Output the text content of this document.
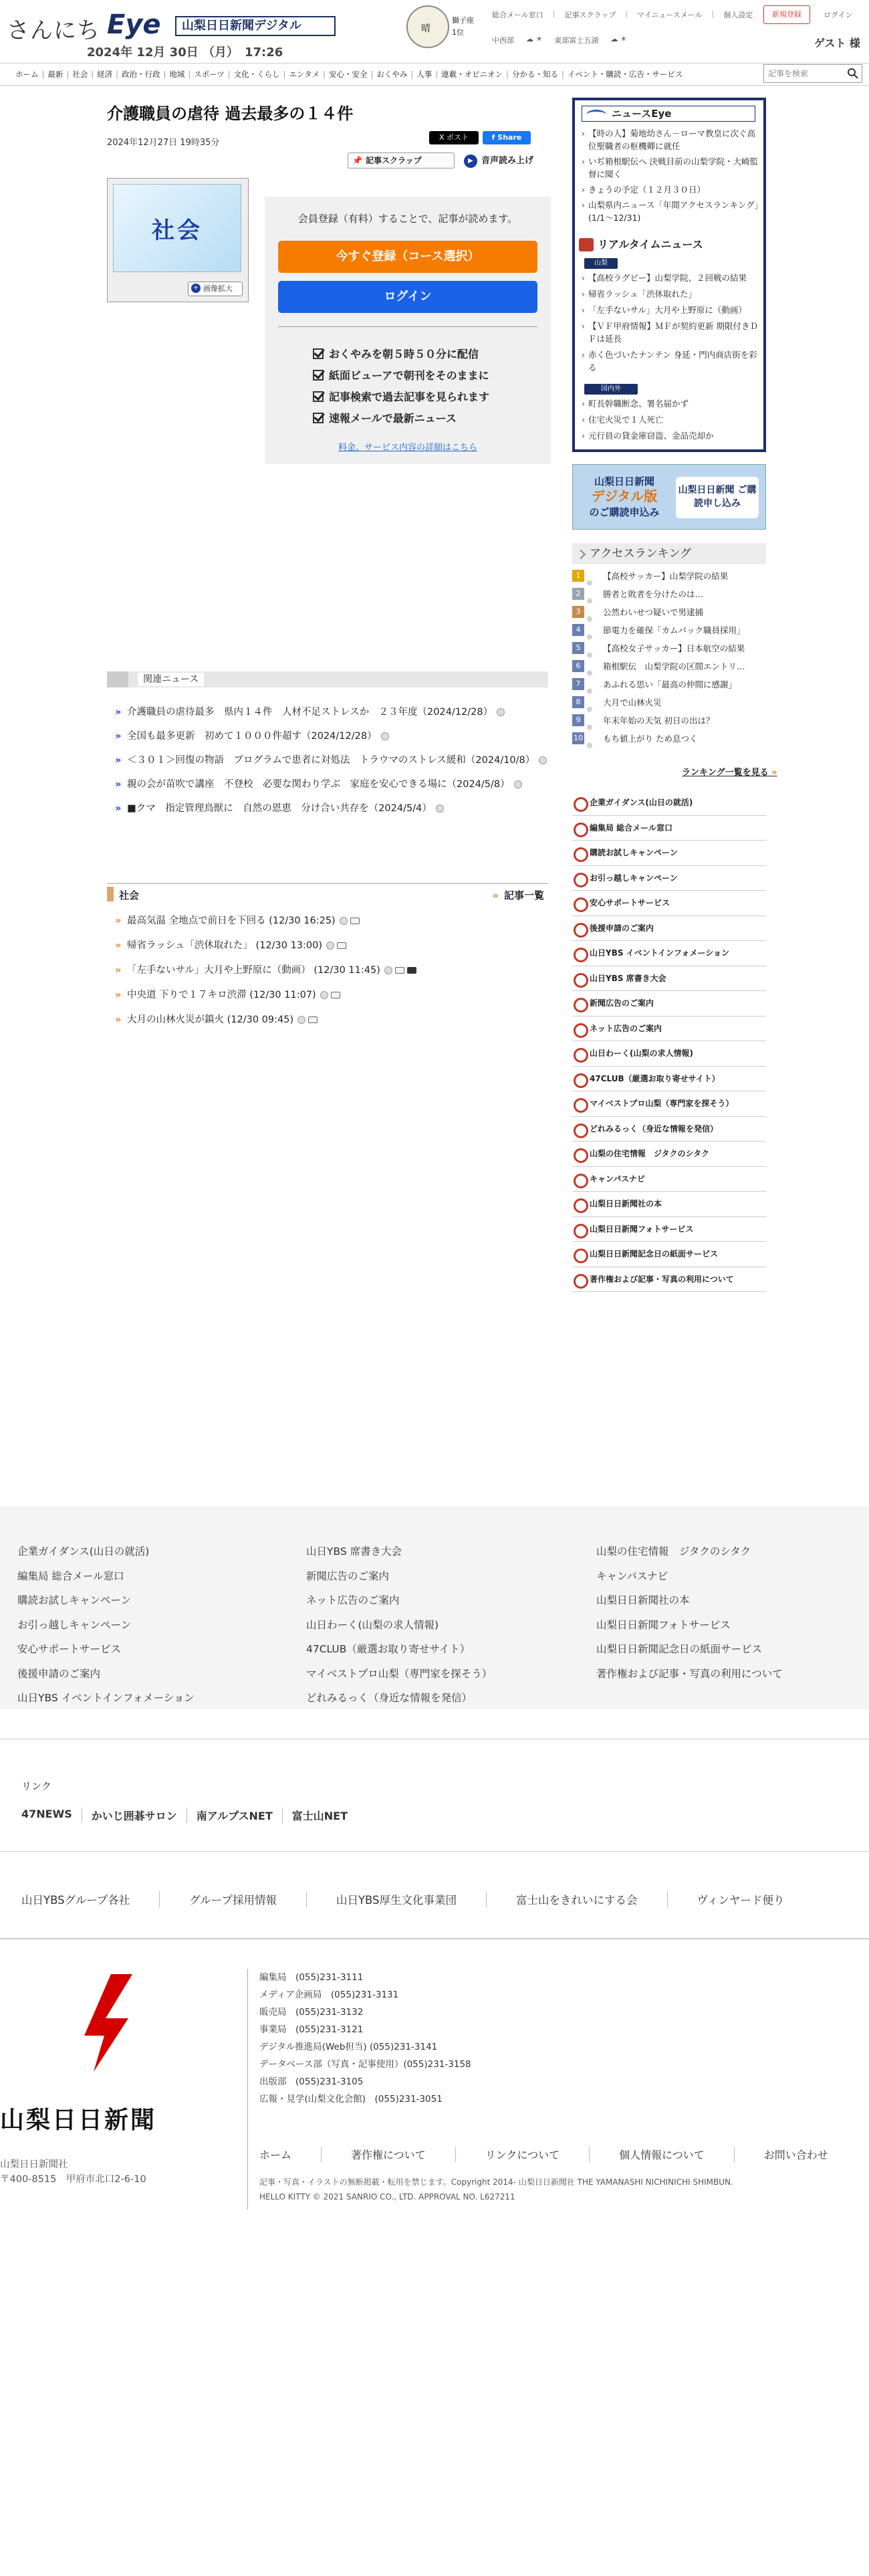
さんにち Eye	山梨日日新聞デジタル
2024年 12月 30日 （月）　17:26
晴
獅子座
1位
総合メール窓口 | 記事スクラップ | マイニュースメール | 個人設定	新規登録	ログイン
中西部 ☁ ☀ 東部富士五湖 ☁ ☀	ゲスト 様
ホーム | 最新 | 社会 | 経済 | 政治・行政 | 地域 | スポーツ | 文化・くらし | エンタメ | 安心・安全 | おくやみ | 人事 | 連載・オピニオン | 分かる・知る | イベント・購読・広告・サービス
記事を検索
介護職員の虐待 過去最多の１４件
2024年12月27日 19時35分
X ポスト	f Share
📌 記事スクラップ	▶ 音声読み上げ
社会
+ 画像拡大
会員登録（有料）することで、記事が読めます。
今すぐ登録（コース選択）
ログイン
おくやみを朝５時５０分に配信
紙面ビューアで朝刊をそのままに
記事検索で過去記事を見られます
速報メールで最新ニュース
料金、サービス内容の詳細はこちら
関連ニュース
» 介護職員の虐待最多　県内１４件　人材不足ストレスか　２３年度（2024/12/28）
» 全国も最多更新　初めて１０００件超す（2024/12/28）
» ＜３０１＞回復の物語　プログラムで患者に対処法　トラウマのストレス緩和（2024/10/8）
» 親の会が苗吹で講座　不登校　必要な関わり学ぶ　家庭を安心できる場に（2024/5/8）
» ■クマ　指定管理鳥獣に　自然の恩恵　分け合い共存を（2024/5/4）
社会
»	記事一覧
» 最高気温 全地点で前日を下回る (12/30 16:25)
» 帰省ラッシュ「渋休取れた」 (12/30 13:00)
» 「左手ないサル」大月や上野原に（動画） (12/30 11:45)
» 中央道 下りで１７キロ渋滞 (12/30 11:07)
» 大月の山林火災が鎮火 (12/30 09:45)
ニュースEye
› 【時の人】菊地幼さん－ローマ教皇に次ぐ高位聖職者の枢機卿に就任
› いぢ箱根駅伝へ 決戦目前の山梨学院・大崎監督に聞く
› きょうの予定（１２月３０日）
› 山梨県内ニュース「年間アクセスランキング」(1/1～12/31)
リアルタイムニュース
山梨
› 【高校ラグビー】山梨学院、２回戦の結果
› 帰省ラッシュ「渋休取れた」
› 「左手ないサル」大月や上野原に（動画）
› 【ＶＦ甲府情報】ＭＦが契約更新 期限付きＤＦは延長
› 赤く色づいたナンテン 身延・門内商店街を彩る
国内外
› 町長幹職断念、署名届かず
› 住宅火災で１人死亡
› 元行員の貸金庫窃盗、金品売却か
山梨日日新聞
デジタル版
のご購読申込み
山梨日日新聞 ご購読申し込み
アクセスランキング
1
◎
【高校サッカー】山梨学院の結果
2
◎
勝者と敗者を分けたのは…
3
◎
公然わいせつ疑いで男逮捕
4
◎
節電力を確保「カムバック職員採用」
5
◎
【高校女子サッカー】日本航空の結果
6
◎
箱根駅伝　山梨学院の区間エントリ…
7
◎
あふれる思い「最高の仲間に感謝」
8
◎
大月で山林火災
9
◎
年末年始の天気 初日の出は？
10
◎
もち値上がり ため息つく
ランキング一覧を見る »
企業ガイダンス(山日の就活)
編集局 総合メール窓口
購読お試しキャンペーン
お引っ越しキャンペーン
安心サポートサービス
後援申請のご案内
山日YBS イベントインフォメーション
山日YBS 席書き大会
新聞広告のご案内
ネット広告のご案内
山日わーく(山梨の求人情報)
47CLUB（厳選お取り寄せサイト）
マイベストプロ山梨（専門家を探そう）
どれみるっく（身近な情報を発信）
山梨の住宅情報　ジタクのシタク
キャンパスナビ
山梨日日新聞社の本
山梨日日新聞フォトサービス
山梨日日新聞記念日の紙面サービス
著作権および記事・写真の利用について
企業ガイダンス(山日の就活)
編集局 総合メール窓口
購読お試しキャンペーン
お引っ越しキャンペーン
安心サポートサービス
後援申請のご案内
山日YBS イベントインフォメーション
山日YBS 席書き大会
新聞広告のご案内
ネット広告のご案内
山日わーく(山梨の求人情報)
47CLUB（厳選お取り寄せサイト）
マイベストプロ山梨（専門家を探そう）
どれみるっく（身近な情報を発信）
山梨の住宅情報　ジタクのシタク
キャンパスナビ
山梨日日新聞社の本
山梨日日新聞フォトサービス
山梨日日新聞記念日の紙面サービス
著作権および記事・写真の利用について
リンク
47NEWS	かいじ囲碁サロン	南アルプスNET	富士山NET
山日YBSグループ各社	グループ採用情報	山日YBS厚生文化事業団	富士山をきれいにする会	ヴィンヤード便り
山梨日日新聞
山梨日日新聞社
〒400-8515　甲府市北口2-6-10
編集局　(055)231-3111
メディア企画局　(055)231-3131
販売局　(055)231-3132
事業局　(055)231-3121
デジタル推進局(Web担当) (055)231-3141
データベース部（写真・記事使用）(055)231-3158
出版部　(055)231-3105
広報・見学(山梨文化会館)　(055)231-3051
ホーム	著作権について	リンクについて	個人情報について	お問い合わせ
記事・写真・イラストの無断掲載・転用を禁じます。Copyright 2014- 山梨日日新聞社 THE YAMANASHI NICHINICHI SHIMBUN.
HELLO KITTY © 2021 SANRIO CO., LTD. APPROVAL NO. L627211
